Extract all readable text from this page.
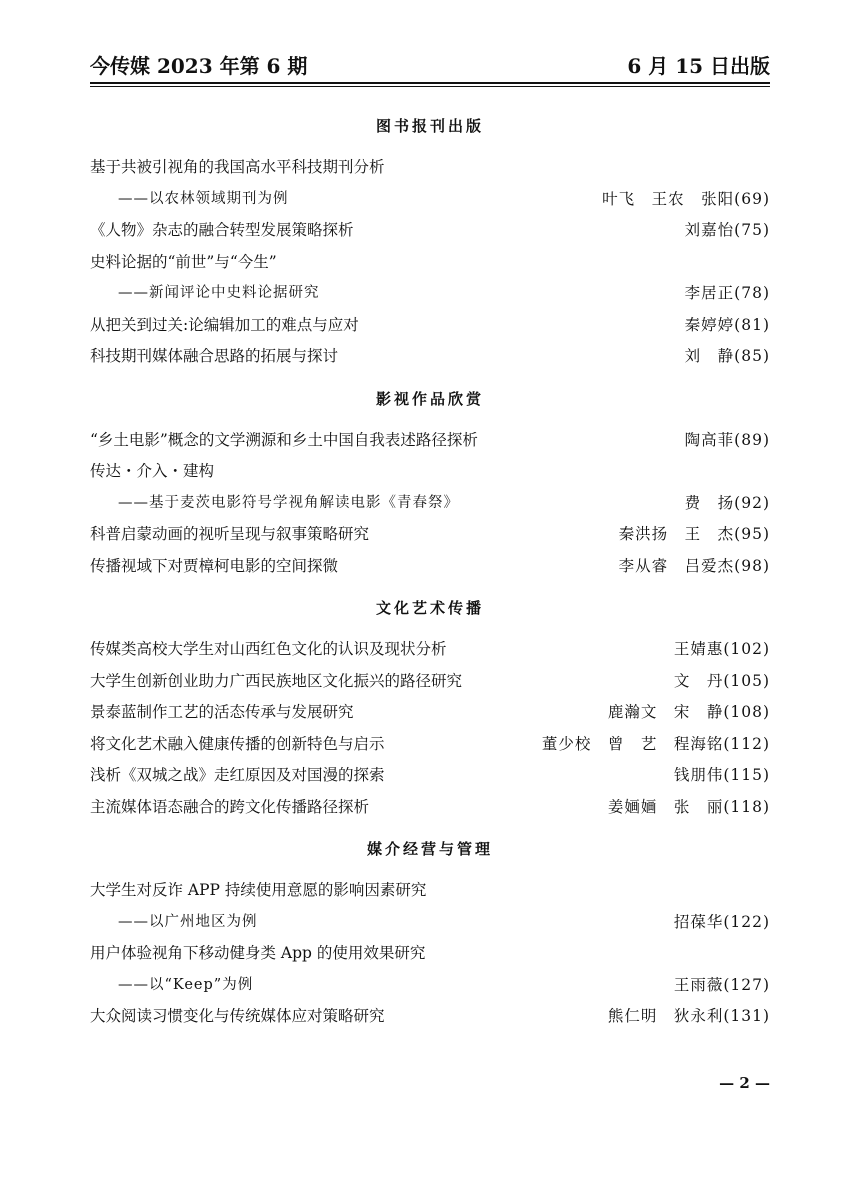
今传媒 2023 年第 6 期	6 月 15 日出版
图书报刊出版
基于共被引视角的我国高水平科技期刊分析
——以农林领域期刊为例	叶飞　王农　张阳(69)
《人物》杂志的融合转型发展策略探析	刘嘉怡(75)
史料论据的“前世”与“今生”
——新闻评论中史料论据研究	李居正(78)
从把关到过关:论编辑加工的难点与应对	秦婷婷(81)
科技期刊媒体融合思路的拓展与探讨	刘　静(85)
影视作品欣赏
“乡土电影”概念的文学溯源和乡土中国自我表述路径探析	陶高菲(89)
传达・介入・建构
——基于麦茨电影符号学视角解读电影《青春祭》	费　扬(92)
科普启蒙动画的视听呈现与叙事策略研究	秦洪扬　王　杰(95)
传播视域下对贾樟柯电影的空间探微	李从睿　吕爱杰(98)
文化艺术传播
传媒类高校大学生对山西红色文化的认识及现状分析	王婧惠(102)
大学生创新创业助力广西民族地区文化振兴的路径研究	文　丹(105)
景泰蓝制作工艺的活态传承与发展研究	鹿瀚文　宋　静(108)
将文化艺术融入健康传播的创新特色与启示	董少校　曾　艺　程海铭(112)
浅析《双城之战》走红原因及对国漫的探索	钱朋伟(115)
主流媒体语态融合的跨文化传播路径探析	姜婳婳　张　丽(118)
媒介经营与管理
大学生对反诈 APP 持续使用意愿的影响因素研究
——以广州地区为例	招葆华(122)
用户体验视角下移动健身类 App 的使用效果研究
——以“Keep”为例	王雨薇(127)
大众阅读习惯变化与传统媒体应对策略研究	熊仁明　狄永利(131)
— 2 —
